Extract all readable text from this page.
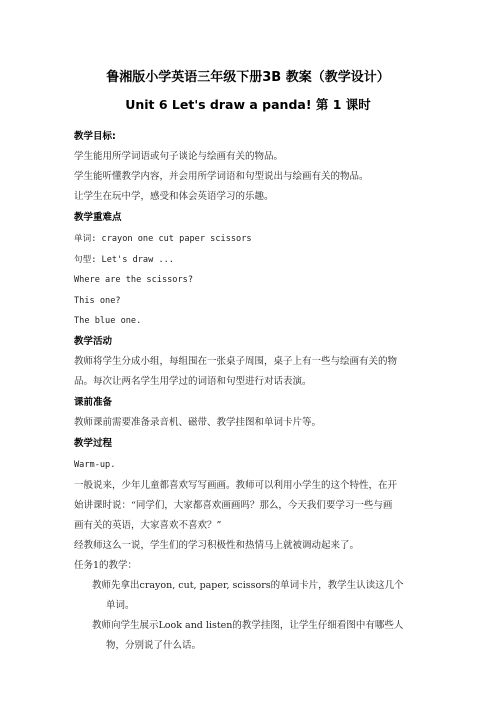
鲁湘版小学英语三年级下册3B 教案（教学设计）
Unit 6 Let's draw a panda! 第 1 课时
教学目标:
学生能用所学词语或句子谈论与绘画有关的物品。
学生能听懂教学内容，并会用所学词语和句型说出与绘画有关的物品。
让学生在玩中学，感受和体会英语学习的乐趣。
教学重难点
单词: crayon one cut paper scissors
句型: Let's draw ...
Where are the scissors?
This one?
The blue one.
教学活动
教师将学生分成小组，每组围在一张桌子周围，桌子上有一些与绘画有关的物
品。每次让两名学生用学过的词语和句型进行对话表演。
课前准备
教师课前需要准备录音机、磁带、教学挂图和单词卡片等。
教学过程
Warm-up.
一般说来，少年儿童都喜欢写写画画。教师可以利用小学生的这个特性，在开
始讲课时说：“同学们，大家都喜欢画画吗？那么，今天我们要学习一些与画
画有关的英语，大家喜欢不喜欢？”
经教师这么一说，学生们的学习积极性和热情马上就被调动起来了。
任务1的教学：
教师先拿出crayon, cut, paper, scissors的单词卡片，教学生认读这几个
单词。
教师向学生展示Look and listen的教学挂图，让学生仔细看图中有哪些人
物，分别说了什么话。
